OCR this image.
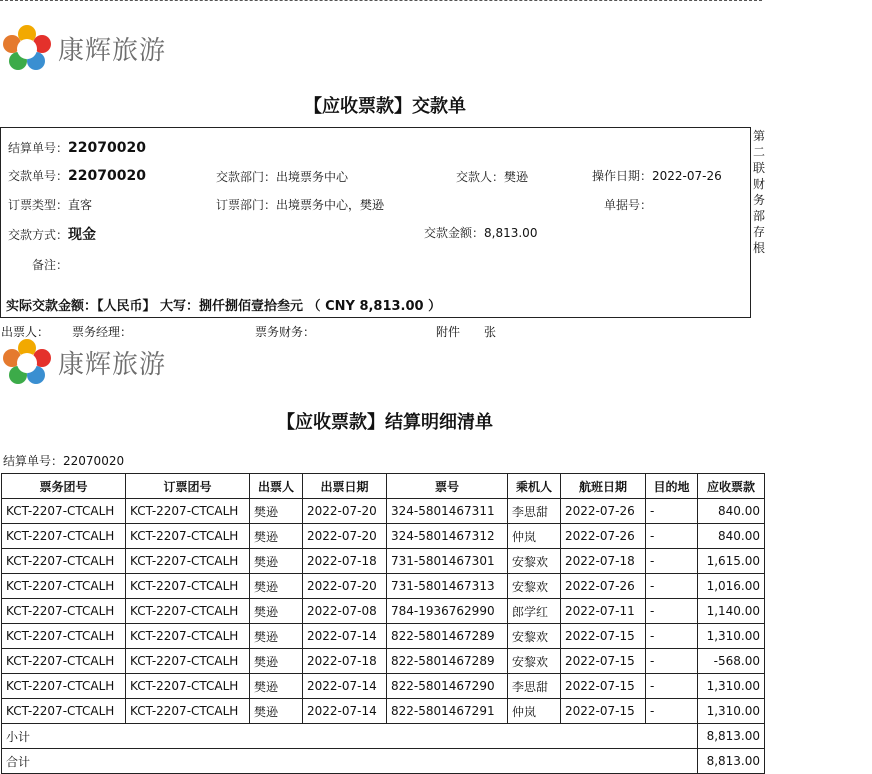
康辉旅游
【应收票款】交款单
结算单号：22070020
交款单号：22070020	交款部门：出境票务中心	交款人：樊逊	操作日期：2022-07-26
订票类型：直客	订票部门：出境票务中心，樊逊	单据号：
交款方式：现金	交款金额：8,813.00
备注：
实际交款金额：【人民币】 大写：捌仟捌佰壹拾叁元 （ CNY 8,813.00 ）
第
二
联
财
务
部
存
根
出票人： 票务经理：	票务财务：	附件 张
康辉旅游
【应收票款】结算明细清单
结算单号：22070020
票务团号	订票团号	出票人	出票日期	票号	乘机人	航班日期	目的地	应收票款
KCT-2207-CTCALH	KCT-2207-CTCALH	樊逊	2022-07-20	324-5801467311	李思甜	2022-07-26	-	840.00
KCT-2207-CTCALH	KCT-2207-CTCALH	樊逊	2022-07-20	324-5801467312	仲岚	2022-07-26	-	840.00
KCT-2207-CTCALH	KCT-2207-CTCALH	樊逊	2022-07-18	731-5801467301	安黎欢	2022-07-18	-	1,615.00
KCT-2207-CTCALH	KCT-2207-CTCALH	樊逊	2022-07-20	731-5801467313	安黎欢	2022-07-26	-	1,016.00
KCT-2207-CTCALH	KCT-2207-CTCALH	樊逊	2022-07-08	784-1936762990	郎学红	2022-07-11	-	1,140.00
KCT-2207-CTCALH	KCT-2207-CTCALH	樊逊	2022-07-14	822-5801467289	安黎欢	2022-07-15	-	1,310.00
KCT-2207-CTCALH	KCT-2207-CTCALH	樊逊	2022-07-18	822-5801467289	安黎欢	2022-07-15	-	-568.00
KCT-2207-CTCALH	KCT-2207-CTCALH	樊逊	2022-07-14	822-5801467290	李思甜	2022-07-15	-	1,310.00
KCT-2207-CTCALH	KCT-2207-CTCALH	樊逊	2022-07-14	822-5801467291	仲岚	2022-07-15	-	1,310.00
小计								8,813.00
合计								8,813.00
